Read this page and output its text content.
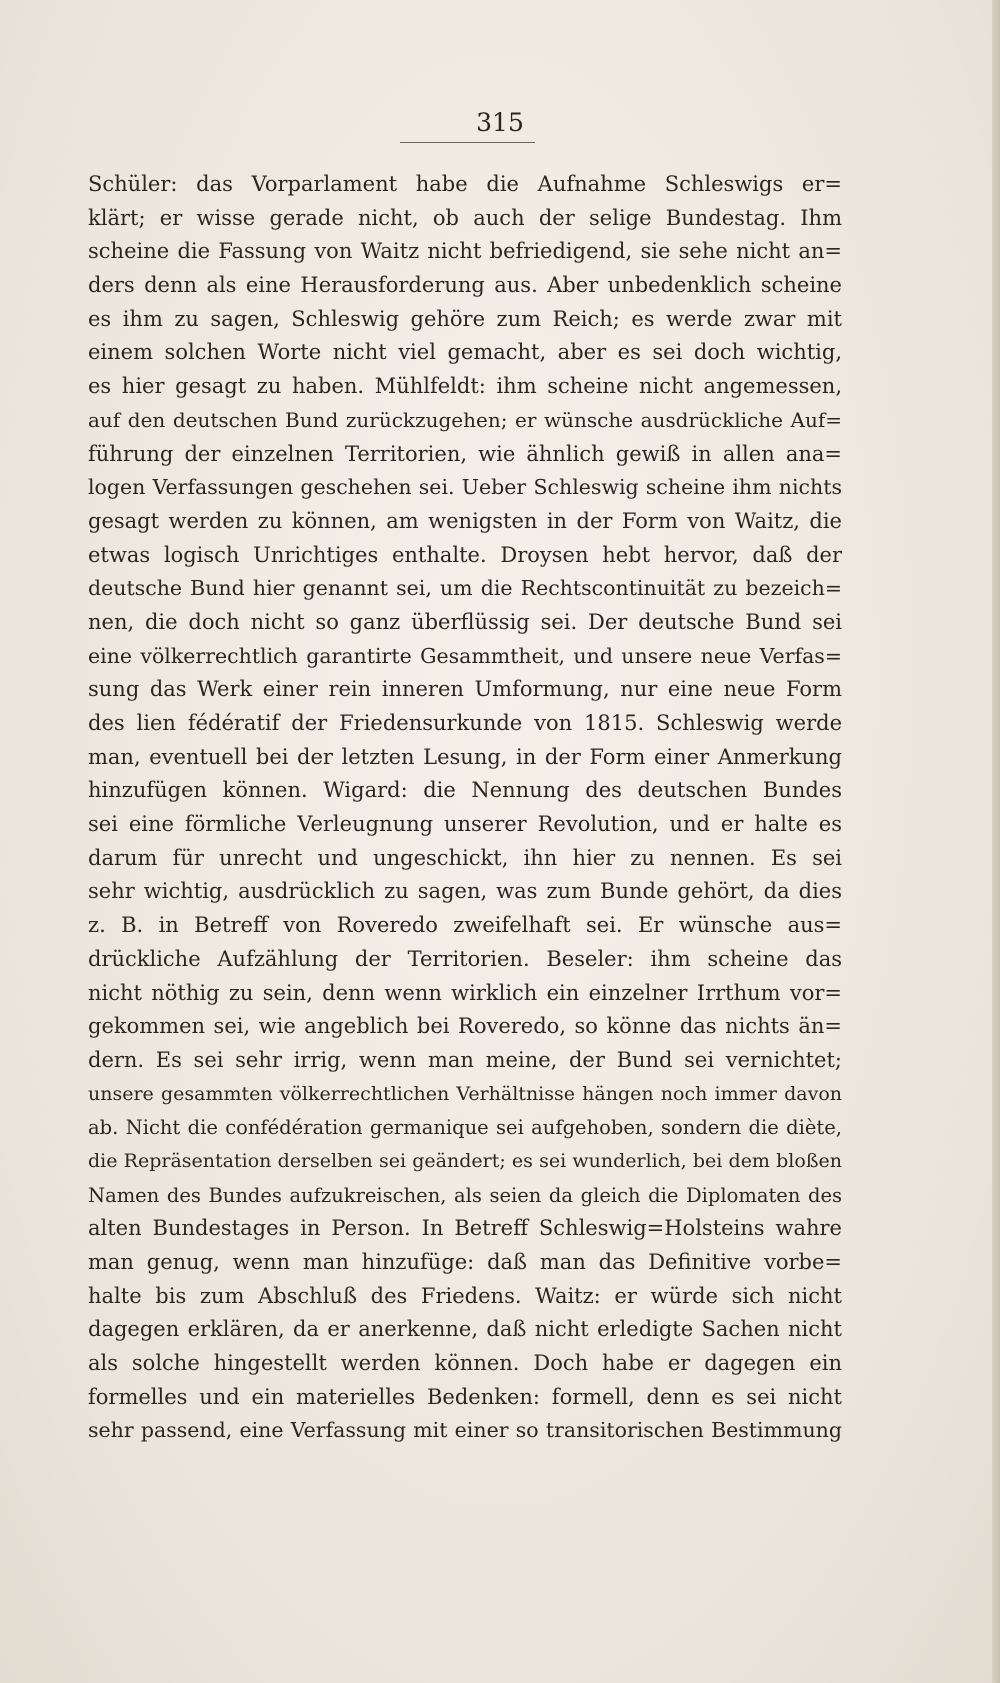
315
Schüler: das Vorparlament habe die Aufnahme Schleswigs er=
klärt; er wisse gerade nicht, ob auch der selige Bundestag. Ihm
scheine die Fassung von Waitz nicht befriedigend, sie sehe nicht an=
ders denn als eine Herausforderung aus. Aber unbedenklich scheine
es ihm zu sagen, Schleswig gehöre zum Reich; es werde zwar mit
einem solchen Worte nicht viel gemacht, aber es sei doch wichtig,
es hier gesagt zu haben. Mühlfeldt: ihm scheine nicht angemessen,
auf den deutschen Bund zurückzugehen; er wünsche ausdrückliche Auf=
führung der einzelnen Territorien, wie ähnlich gewiß in allen ana=
logen Verfassungen geschehen sei. Ueber Schleswig scheine ihm nichts
gesagt werden zu können, am wenigsten in der Form von Waitz, die
etwas logisch Unrichtiges enthalte. Droysen hebt hervor, daß der
deutsche Bund hier genannt sei, um die Rechtscontinuität zu bezeich=
nen, die doch nicht so ganz überflüssig sei. Der deutsche Bund sei
eine völkerrechtlich garantirte Gesammtheit, und unsere neue Verfas=
sung das Werk einer rein inneren Umformung, nur eine neue Form
des lien fédératif der Friedensurkunde von 1815. Schleswig werde
man, eventuell bei der letzten Lesung, in der Form einer Anmerkung
hinzufügen können. Wigard: die Nennung des deutschen Bundes
sei eine förmliche Verleugnung unserer Revolution, und er halte es
darum für unrecht und ungeschickt, ihn hier zu nennen. Es sei
sehr wichtig, ausdrücklich zu sagen, was zum Bunde gehört, da dies
z. B. in Betreff von Roveredo zweifelhaft sei. Er wünsche aus=
drückliche Aufzählung der Territorien. Beseler: ihm scheine das
nicht nöthig zu sein, denn wenn wirklich ein einzelner Irrthum vor=
gekommen sei, wie angeblich bei Roveredo, so könne das nichts än=
dern. Es sei sehr irrig, wenn man meine, der Bund sei vernichtet;
unsere gesammten völkerrechtlichen Verhältnisse hängen noch immer davon
ab. Nicht die confédération germanique sei aufgehoben, sondern die diète,
die Repräsentation derselben sei geändert; es sei wunderlich, bei dem bloßen
Namen des Bundes aufzukreischen, als seien da gleich die Diplomaten des
alten Bundestages in Person. In Betreff Schleswig=Holsteins wahre
man genug, wenn man hinzufüge: daß man das Definitive vorbe=
halte bis zum Abschluß des Friedens. Waitz: er würde sich nicht
dagegen erklären, da er anerkenne, daß nicht erledigte Sachen nicht
als solche hingestellt werden können. Doch habe er dagegen ein
formelles und ein materielles Bedenken: formell, denn es sei nicht
sehr passend, eine Verfassung mit einer so transitorischen Bestimmung
